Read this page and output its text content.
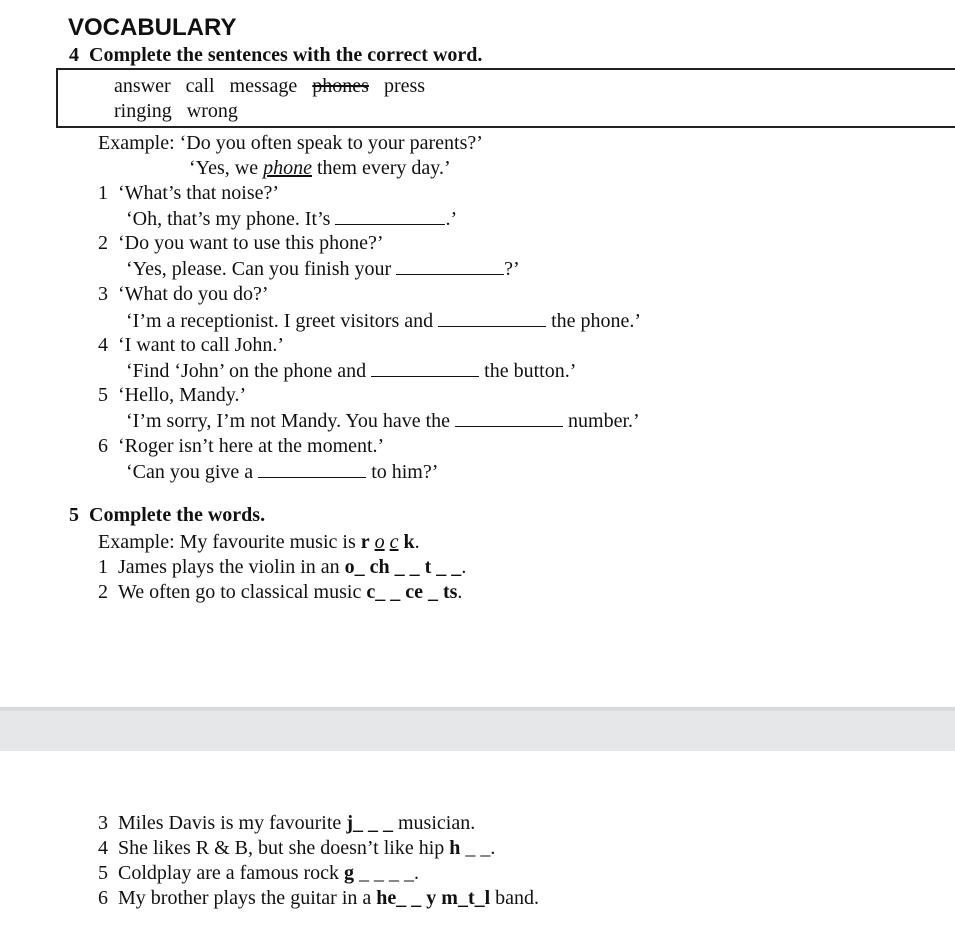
VOCABULARY
4 Complete the sentences with the correct word.
answer call message phones press
ringing wrong
Example: ‘Do you often speak to your parents?’
‘Yes, we phone them every day.’
1 ‘What’s that noise?’
‘Oh, that’s my phone. It’s	.’
2 ‘Do you want to use this phone?’
‘Yes, please. Can you finish your	?’
3 ‘What do you do?’
‘I’m a receptionist. I greet visitors and	the phone.’
4 ‘I want to call John.’
‘Find ‘John’ on the phone and	the button.’
5 ‘Hello, Mandy.’
‘I’m sorry, I’m not Mandy. You have the	number.’
6 ‘Roger isn’t here at the moment.’
‘Can you give a	to him?’
5 Complete the words.
Example: My favourite music is r o c k.
1 James plays the violin in an o_ ch _ _ t _ _.
2 We often go to classical music c_ _ ce _ ts.
3 Miles Davis is my favourite j_ _ _ musician.
4 She likes R & B, but she doesn’t like hip h _ _.
5 Coldplay are a famous rock g _ _ _ _.
6 My brother plays the guitar in a he_ _ y m_t_l band.
